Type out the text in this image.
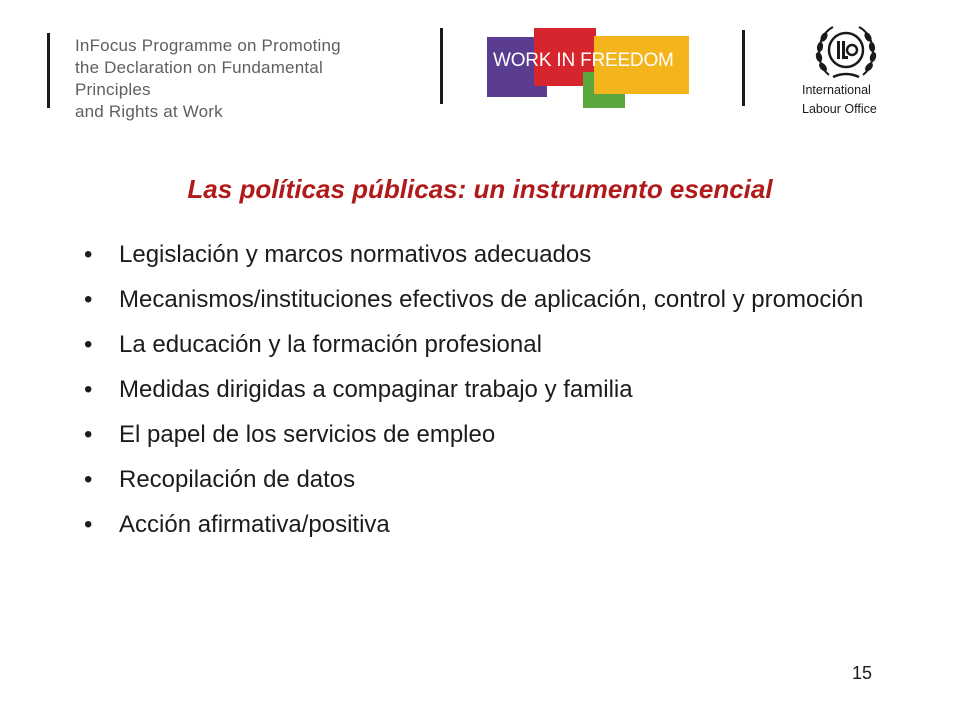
InFocus Programme on Promoting
the Declaration on Fundamental
Principles
and Rights at Work
WORK IN FREEDOM
International
Labour Office
Las políticas públicas: un instrumento esencial
• Legislación y marcos normativos adecuados
• Mecanismos/instituciones efectivos de aplicación, control y promoción
• La educación y la formación profesional
• Medidas dirigidas a compaginar trabajo y familia
• El papel de los servicios de empleo
• Recopilación de datos
• Acción afirmativa/positiva
15
